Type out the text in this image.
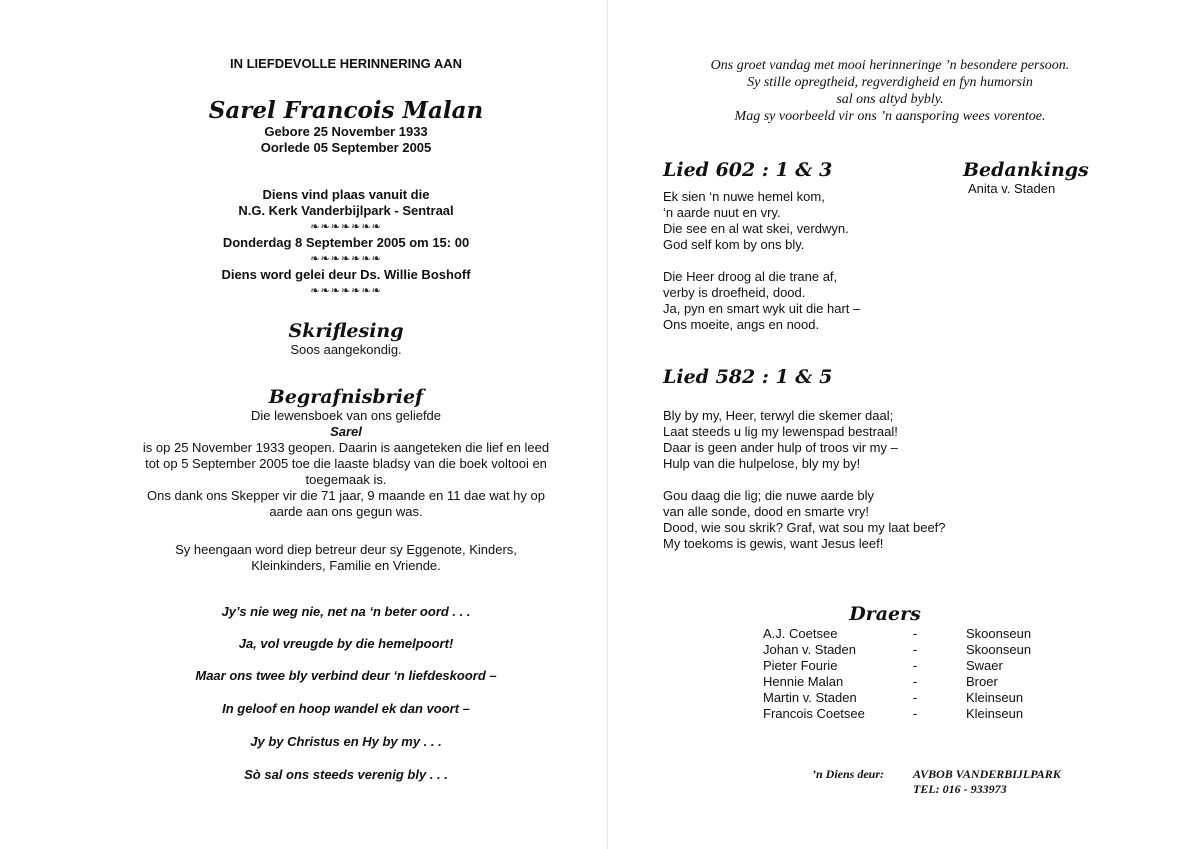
IN LIEFDEVOLLE HERINNERING AAN
Sarel Francois Malan
Gebore 25 November 1933
Oorlede 05 September 2005
Diens vind plaas vanuit die
N.G. Kerk Vanderbijlpark - Sentraal
❧❧❧❧❧❧❧
Donderdag 8 September 2005 om 15: 00
❧❧❧❧❧❧❧
Diens word gelei deur Ds. Willie Boshoff
❧❧❧❧❧❧❧
Skriflesing
Soos aangekondig.
Begrafnisbrief
Die lewensboek van ons geliefde
Sarel
is op 25 November 1933 geopen. Daarin is aangeteken die lief en leed
tot op 5 September 2005 toe die laaste bladsy van die boek voltooi en
toegemaak is.
Ons dank ons Skepper vir die 71 jaar, 9 maande en 11 dae wat hy op
aarde aan ons gegun was.
Sy heengaan word diep betreur deur sy Eggenote, Kinders,
Kleinkinders, Familie en Vriende.
Jy’s nie weg nie, net na ‘n beter oord . . .
Ja, vol vreugde by die hemelpoort!
Maar ons twee bly verbind deur ‘n liefdeskoord –
In geloof en hoop wandel ek dan voort –
Jy by Christus en Hy by my . . .
Sò sal ons steeds verenig bly . . .
Ons groet vandag met mooi herinneringe ’n besondere persoon.
Sy stille opregtheid, regverdigheid en fyn humorsin
sal ons altyd bybly.
Mag sy voorbeeld vir ons ’n aansporing wees vorentoe.
Lied 602 : 1 & 3
Ek sien ‘n nuwe hemel kom,
‘n aarde nuut en vry.
Die see en al wat skei, verdwyn.
God self kom by ons bly.
Die Heer droog al die trane af,
verby is droefheid, dood.
Ja, pyn en smart wyk uit die hart –
Ons moeite, angs en nood.
Bedankings
Anita v. Staden
Lied 582 : 1 & 5
Bly by my, Heer, terwyl die skemer daal;
Laat steeds u lig my lewenspad bestraal!
Daar is geen ander hulp of troos vir my –
Hulp van die hulpelose, bly my by!
Gou daag die lig; die nuwe aarde bly
van alle sonde, dood en smarte vry!
Dood, wie sou skrik? Graf, wat sou my laat beef?
My toekoms is gewis, want Jesus leef!
Draers
A.J. Coetsee	-	Skoonseun
Johan v. Staden	-	Skoonseun
Pieter Fourie	-	Swaer
Hennie Malan	-	Broer
Martin v. Staden	-	Kleinseun
Francois Coetsee	-	Kleinseun
’n Diens deur: AVBOB VANDERBIJLPARK
TEL: 016 - 933973
